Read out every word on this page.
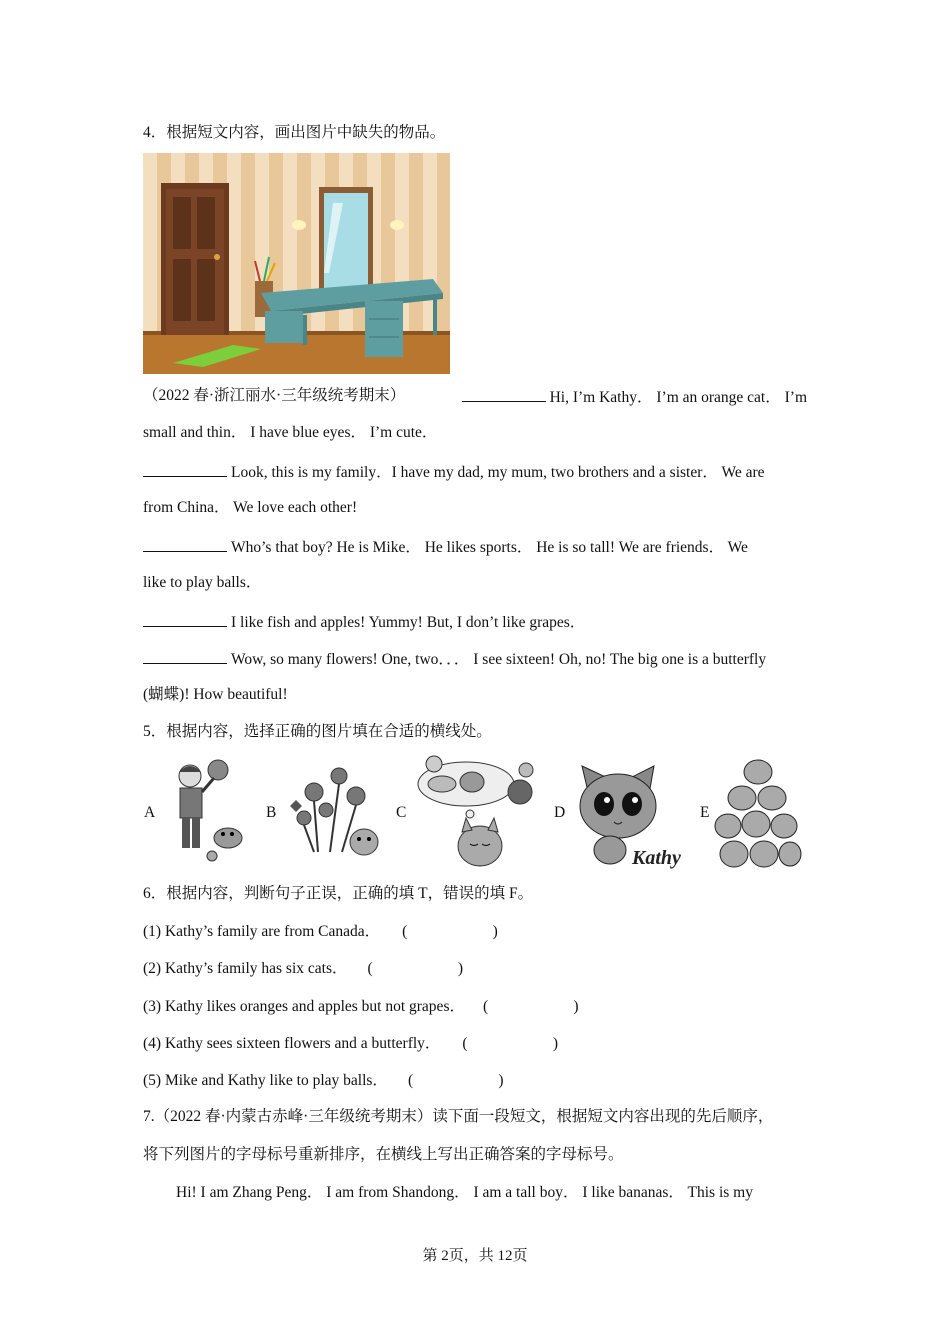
4．根据短文内容，画出图片中缺失的物品。
（2022 春·浙江丽水·三年级统考期末）	Hi, I’m Kathy． I’m an orange cat． I’m
small and thin． I have blue eyes． I’m cute．
Look, this is my family．I have my dad, my mum, two brothers and a sister． We are
from China． We love each other!
Who’s that boy? He is Mike． He likes sports． He is so tall! We are friends． We
like to play balls．
I like fish and apples! Yummy! But, I don’t like grapes．
Wow, so many flowers! One, two．．． I see sixteen! Oh, no! The big one is a butterfly
(蝴蝶)! How beautiful!
5．根据内容，选择正确的图片填在合适的横线处。
A	B	C	D
Kathy
E
6．根据内容，判断句子正误，正确的填 T，错误的填 F。
(1) Kathy’s family are from Canada． (                      )
(2) Kathy’s family has six cats． (                      )
(3) Kathy likes oranges and apples but not grapes． (                      )
(4) Kathy sees sixteen flowers and a butterfly． (                      )
(5) Mike and Kathy like to play balls． (                      )
7.（2022 春·内蒙古赤峰·三年级统考期末）读下面一段短文，根据短文内容出现的先后顺序，
将下列图片的字母标号重新排序，在横线上写出正确答案的字母标号。
Hi! I am Zhang Peng． I am from Shandong． I am a tall boy． I like bananas． This is my
第 2页，共 12页
